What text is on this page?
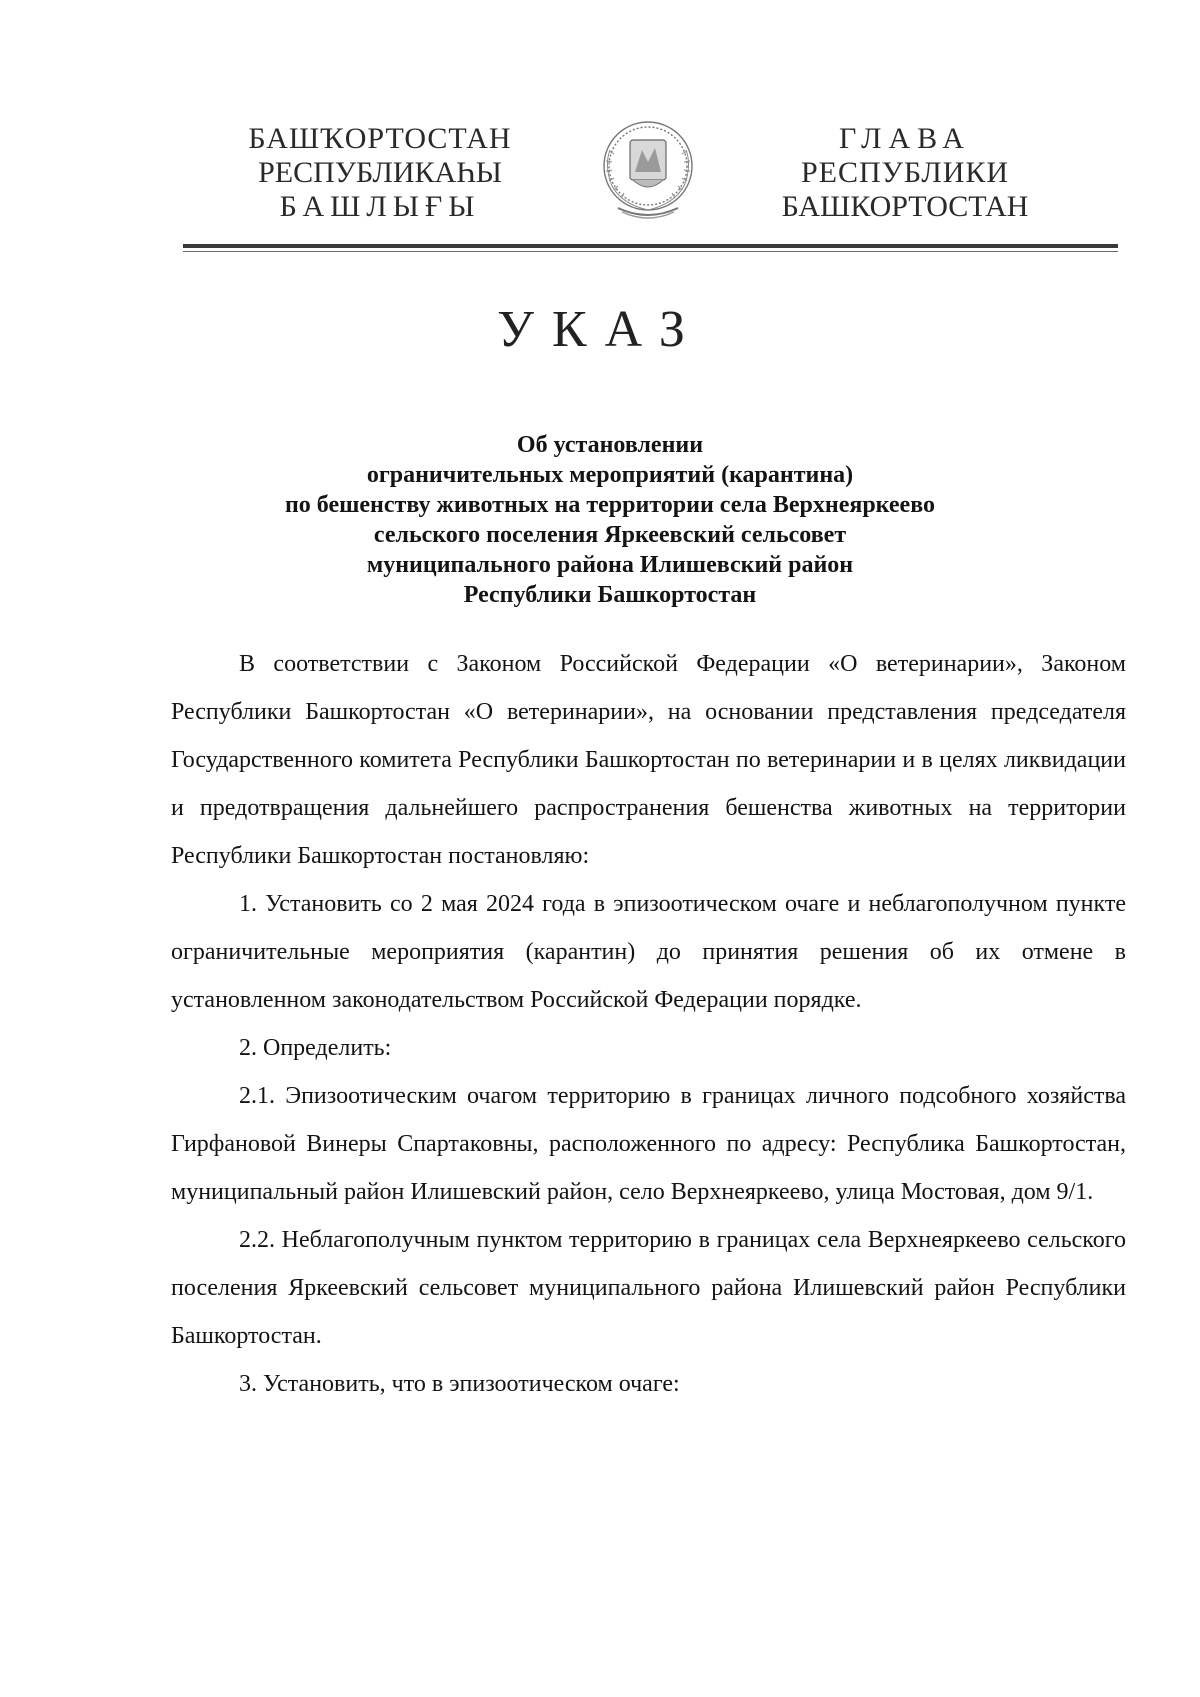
БАШҠОРТОСТАН
РЕСПУБЛИКАҺЫ
БАШЛЫҒЫ
ГЛАВА
РЕСПУБЛИКИ
БАШКОРТОСТАН
УКАЗ
Об установлении
ограничительных мероприятий (карантина)
по бешенству животных на территории села Верхнеяркеево
сельского поселения Яркеевский сельсовет
муниципального района Илишевский район
Республики Башкортостан

В соответствии с Законом Российской Федерации «О ветеринарии», Законом Республики Башкортостан «О ветеринарии», на основании представления председателя Государственного комитета Республики Башкортостан по ветеринарии и в целях ликвидации и предотвращения дальнейшего распространения бешенства животных на территории Республики Башкортостан постановляю:

1. Установить со 2 мая 2024 года в эпизоотическом очаге и неблагополучном пункте ограничительные мероприятия (карантин) до принятия решения об их отмене в установленном законодательством Российской Федерации порядке.

2. Определить:

2.1. Эпизоотическим очагом территорию в границах личного подсобного хозяйства Гирфановой Винеры Спартаковны, расположенного по адресу: Республика Башкортостан, муниципальный район Илишевский район, село Верхнеяркеево, улица Мостовая, дом 9/1.

2.2. Неблагополучным пунктом территорию в границах села Верхнеяркеево сельского поселения Яркеевский сельсовет муниципального района Илишевский район Республики Башкортостан.

3. Установить, что в эпизоотическом очаге:
